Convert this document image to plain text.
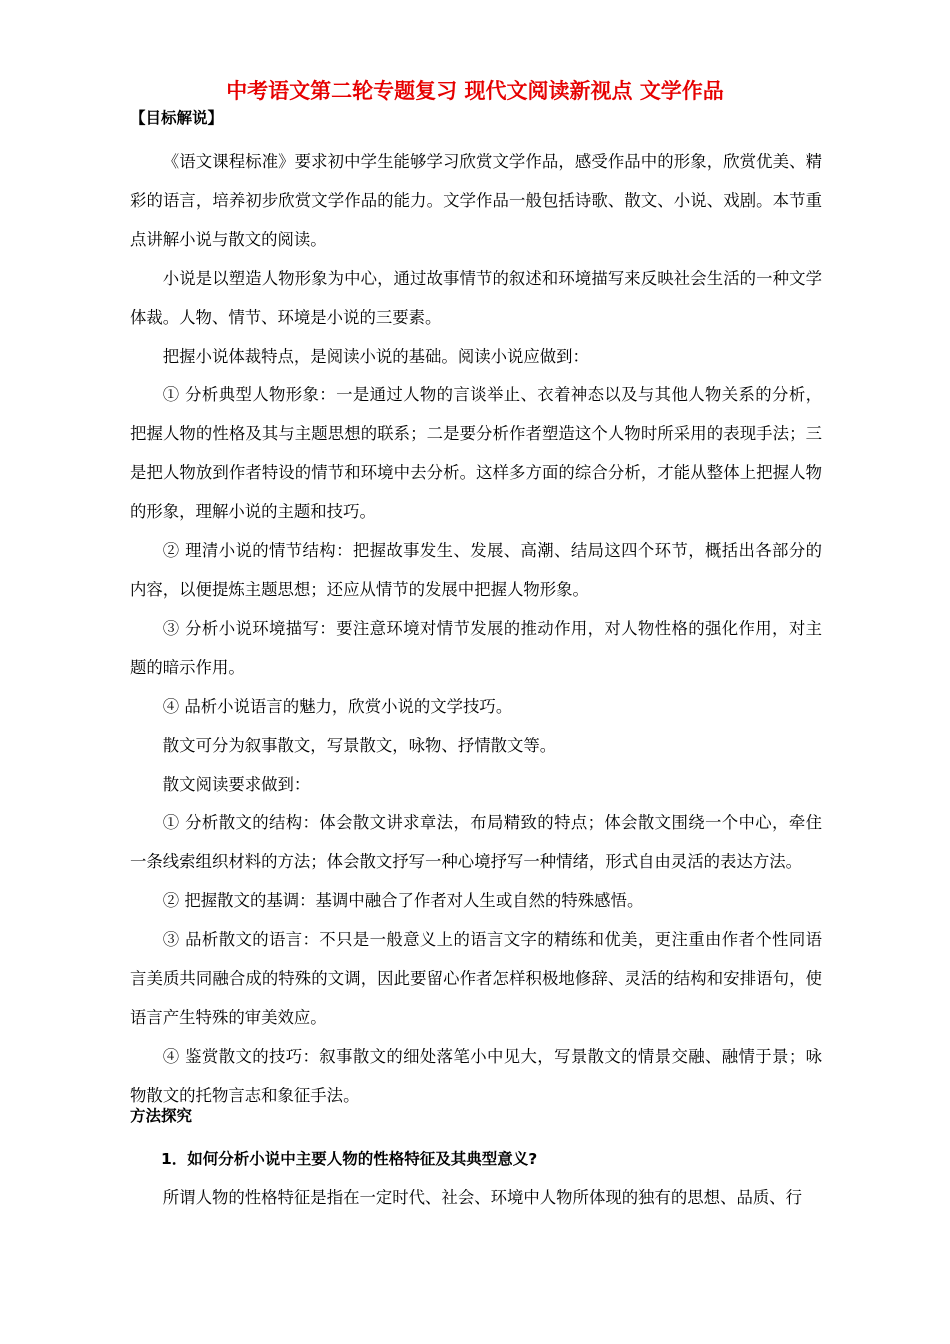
中考语文第二轮专题复习 现代文阅读新视点 文学作品
【目标解说】

《语文课程标准》要求初中学生能够学习欣赏文学作品，感受作品中的形象，欣赏优美、精彩的语言，培养初步欣赏文学作品的能力。文学作品一般包括诗歌、散文、小说、戏剧。本节重点讲解小说与散文的阅读。

小说是以塑造人物形象为中心，通过故事情节的叙述和环境描写来反映社会生活的一种文学体裁。人物、情节、环境是小说的三要素。

把握小说体裁特点，是阅读小说的基础。阅读小说应做到：

① 分析典型人物形象：一是通过人物的言谈举止、衣着神态以及与其他人物关系的分析，把握人物的性格及其与主题思想的联系；二是要分析作者塑造这个人物时所采用的表现手法；三是把人物放到作者特设的情节和环境中去分析。这样多方面的综合分析，才能从整体上把握人物的形象，理解小说的主题和技巧。

② 理清小说的情节结构：把握故事发生、发展、高潮、结局这四个环节，概括出各部分的内容，以便提炼主题思想；还应从情节的发展中把握人物形象。

③ 分析小说环境描写：要注意环境对情节发展的推动作用，对人物性格的强化作用，对主题的暗示作用。

④ 品析小说语言的魅力，欣赏小说的文学技巧。

散文可分为叙事散文，写景散文，咏物、抒情散文等。

散文阅读要求做到：

① 分析散文的结构：体会散文讲求章法，布局精致的特点；体会散文围绕一个中心，牵住一条线索组织材料的方法；体会散文抒写一种心境抒写一种情绪，形式自由灵活的表达方法。

② 把握散文的基调：基调中融合了作者对人生或自然的特殊感悟。

③ 品析散文的语言：不只是一般意义上的语言文字的精练和优美，更注重由作者个性同语言美质共同融合成的特殊的文调，因此要留心作者怎样积极地修辞、灵活的结构和安排语句，使语言产生特殊的审美效应。

④ 鉴赏散文的技巧：叙事散文的细处落笔小中见大，写景散文的情景交融、融情于景；咏物散文的托物言志和象征手法。

方法探究

1．如何分析小说中主要人物的性格特征及其典型意义?

所谓人物的性格特征是指在一定时代、社会、环境中人物所体现的独有的思想、品质、行
